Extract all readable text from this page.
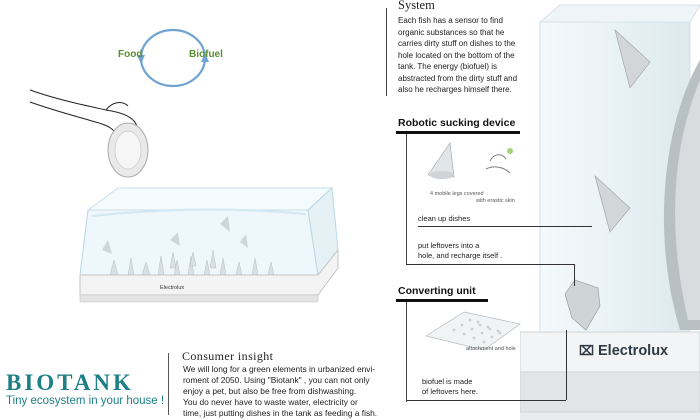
Food	Biofuel
Electrolux
BIOTANK
Tiny ecosystem in your house !
Consumer insight
We will long for a green elements in urbanized envi-
roment of 2050. Using "Biotank" , you can not only
enjoy a pet, but also be free from dishwashing.
You do never have to waste water, electricity or
time, just putting dishes in the tank as feeding a fish.
⌧ Electrolux
System
Each fish has a sensor to find
organic substances so that he
carries dirty stuff on dishes to the
hole located on the bottom of the
tank. The energy (biofuel) is
abstracted from the dirty stuff and
also he recharges himself there.
Robotic sucking device
4 mobile legs covered
with erastic skin
clean up dishes
put leftovers into a
hole, and recharge itself .
Converting unit
attachment and hole
biofuel is made
of leftovers here.
